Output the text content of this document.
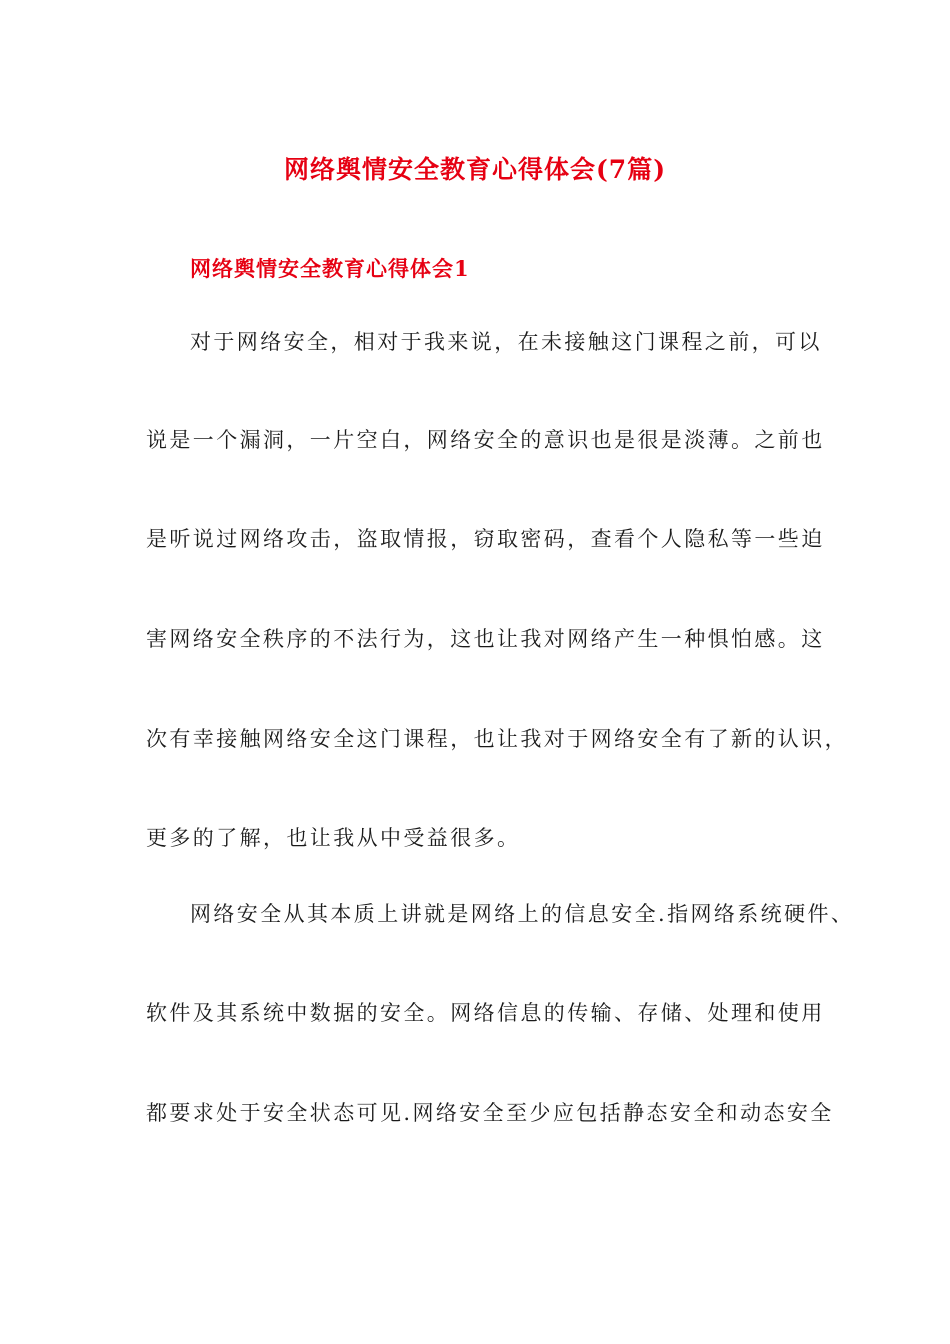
网络舆情安全教育心得体会(7篇)
网络舆情安全教育心得体会1
对于网络安全，相对于我来说，在未接触这门课程之前，可以
说是一个漏洞，一片空白，网络安全的意识也是很是淡薄。之前也
是听说过网络攻击，盗取情报，窃取密码，查看个人隐私等一些迫
害网络安全秩序的不法行为，这也让我对网络产生一种惧怕感。这
次有幸接触网络安全这门课程，也让我对于网络安全有了新的认识，
更多的了解，也让我从中受益很多。
网络安全从其本质上讲就是网络上的信息安全.指网络系统硬件、
软件及其系统中数据的安全。网络信息的传输、存储、处理和使用
都要求处于安全状态可见.网络安全至少应包括静态安全和动态安全
